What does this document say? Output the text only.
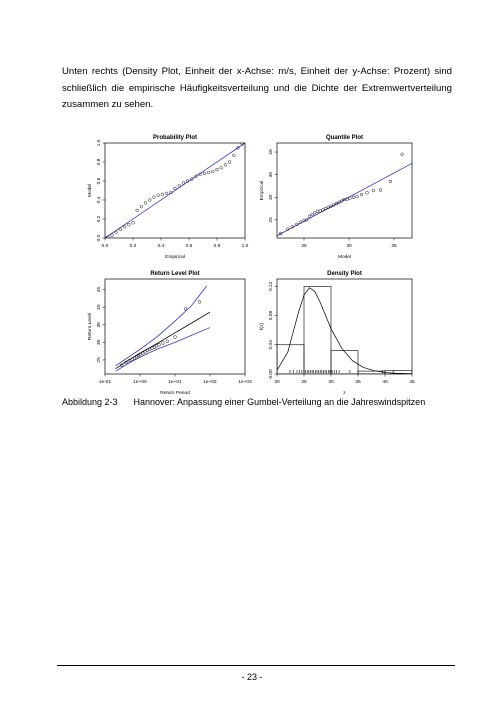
Unten rechts (Density Plot, Einheit der x-Achse: m/s, Einheit der y-Achse: Prozent) sind schließlich die empirische Häufigkeitsverteilung und die Dichte der Extremwertverteilung zusammen zu sehen.

Probability Plot
Empirical
Model
0.0	0.2	0.4	0.6	0.8	1.0
0.0
0.2
0.4
0.6
0.8
1.0
Quantile Plot
Model
Empirical
25	30	35
25
30
35
40
Return Level Plot
Return Period
Return Level
1e-01	1e+00	1e+01	1e+02	1e+03
25
30
35
40
45
Density Plot
z
f(z)
20	25	30	35	40	45
0.00
0.04
0.08
0.12
Abbildung 2-3 Hannover: Anpassung einer Gumbel-Verteilung an die Jahreswindspitzen
- 23 -
